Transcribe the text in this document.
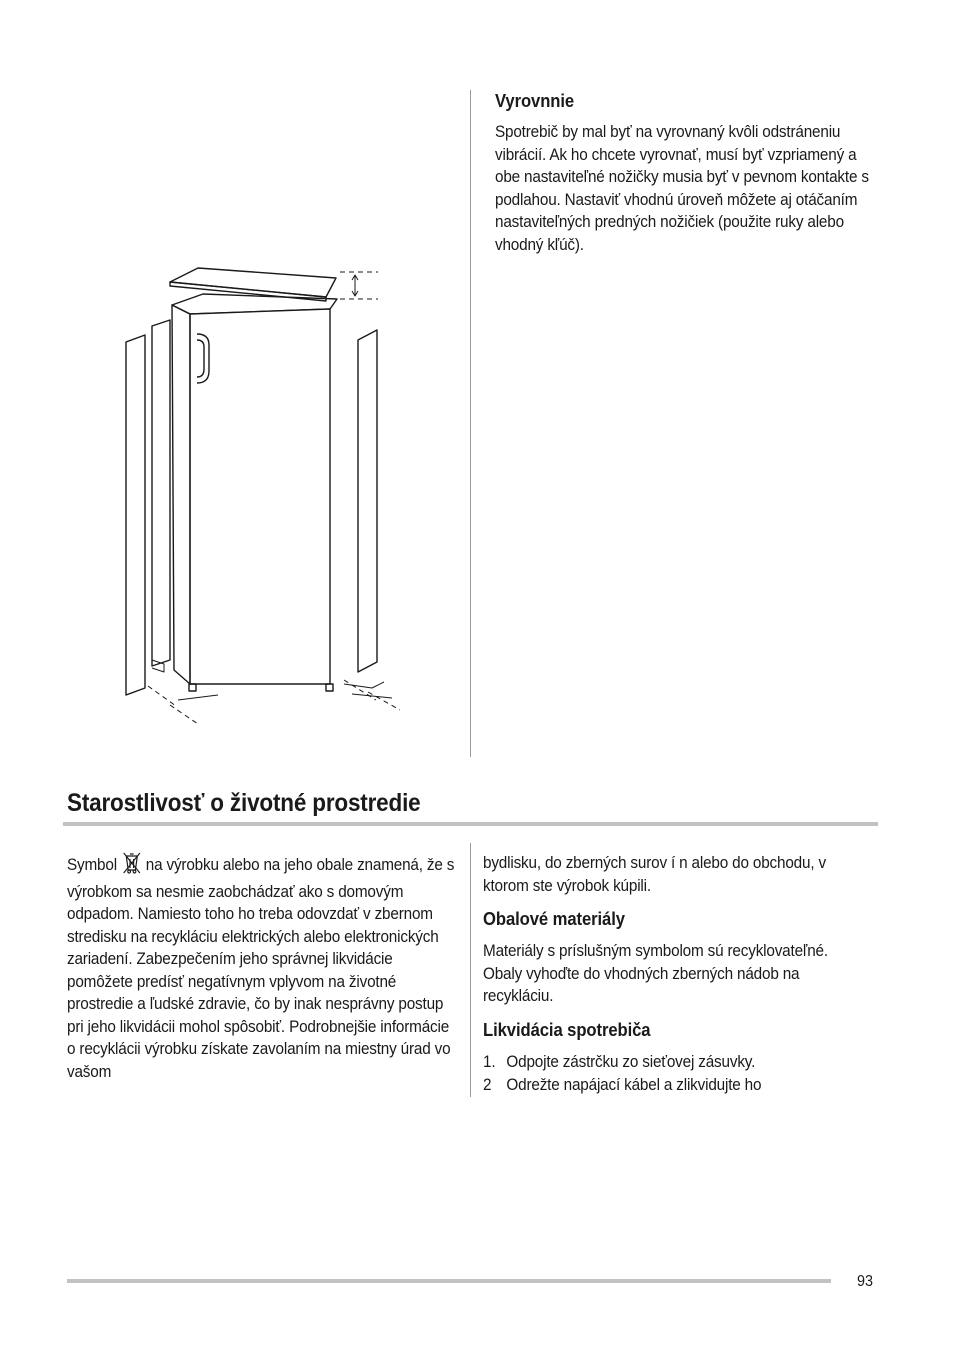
Vyrovnnie

Spotrebič by mal byť na vyrovnaný kvôli odstráneniu vibrácií. Ak ho chcete vyrovnať, musí byť vzpriamený a obe nastaviteľné nožičky musia byť v pevnom kontakte s podlahou. Nastaviť vhodnú úroveň môžete aj otáčaním nastaviteľných predných nožičiek (použite ruky alebo vhodný kľúč).

Starostlivosť o životné prostredie
Symbol na výrobku alebo na jeho obale znamená, že s výrobkom sa nesmie zaobchádzať ako s domovým odpadom. Namiesto toho ho treba odovzdať v zbernom stredisku na recykláciu elektrických alebo elektronických zariadení. Zabezpečením jeho správnej likvidácie pomôžete predísť negatívnym vplyvom na životné prostredie a ľudské zdravie, čo by inak nesprávny postup pri jeho likvidácii mohol spôsobiť. Podrobnejšie informácie o recyklácii výrobku získate zavolaním na miestny úrad vo vašom

bydlisku, do zberných surov í n alebo do obchodu, v ktorom ste výrobok kúpili.

Obalové materiály

Materiály s príslušným symbolom sú recyklovateľné. Obaly vyhoďte do vhodných zberných nádob na recykláciu.

Likvidácia spotrebiča
1. Odpojte zástrčku zo sieťovej zásuvky.
2 Odrežte napájací kábel a zlikvidujte ho
93
